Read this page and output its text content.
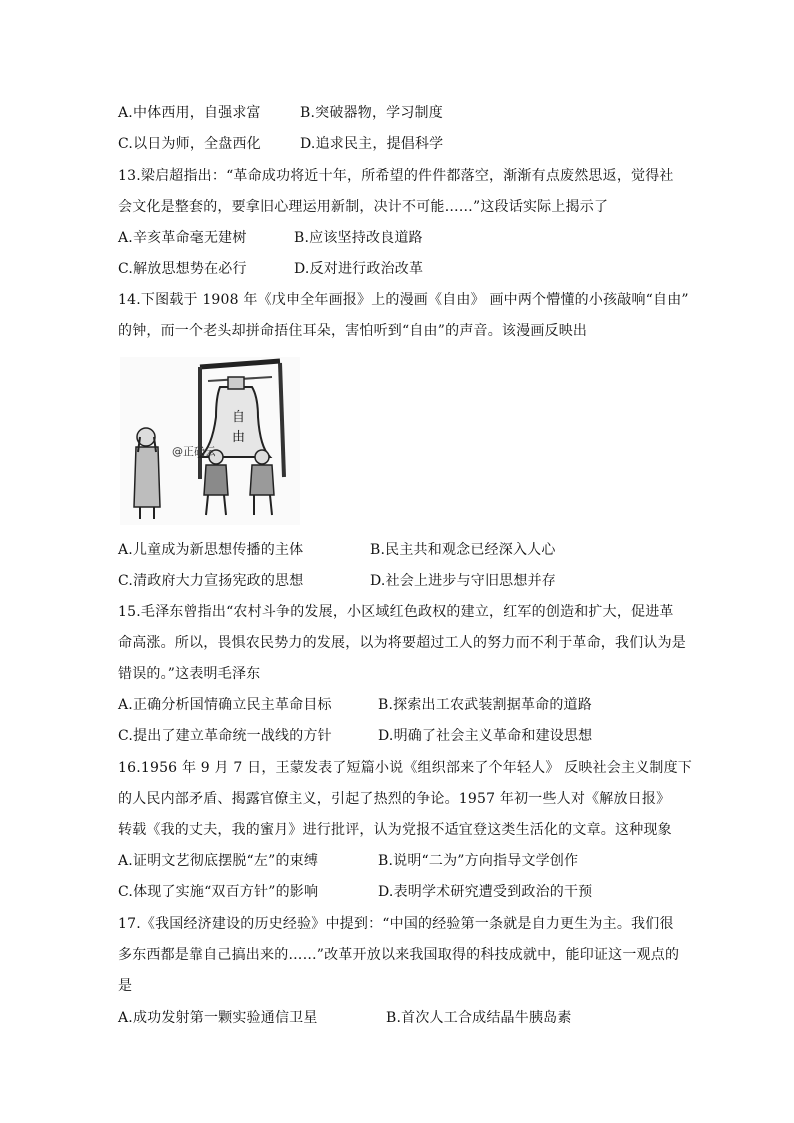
A.中体西用，自强求富	B.突破器物，学习制度
C.以日为师，全盘西化	D.追求民主，提倡科学
13.梁启超指出：“革命成功将近十年，所希望的件件都落空，渐渐有点废然思返，觉得社
会文化是整套的，要拿旧心理运用新制，决计不可能……”这段话实际上揭示了
A.辛亥革命毫无建树	B.应该坚持改良道路
C.解放思想势在必行	D.反对进行政治改革
14.下图载于 1908 年《戊申全年画报》上的漫画《自由》 画中两个懵懂的小孩敲响“自由”
的钟，而一个老头却拼命捂住耳朵，害怕听到“自由”的声音。该漫画反映出
自
由
@正确云
A.儿童成为新思想传播的主体	B.民主共和观念已经深入人心
C.清政府大力宣扬宪政的思想	D.社会上进步与守旧思想并存
15.毛泽东曾指出“农村斗争的发展，小区域红色政权的建立，红军的创造和扩大，促进革
命高涨。所以，畏惧农民势力的发展，以为将要超过工人的努力而不利于革命，我们认为是
错误的。”这表明毛泽东
A.正确分析国情确立民主革命目标	B.探索出工农武装割据革命的道路
C.提出了建立革命统一战线的方针	D.明确了社会主义革命和建设思想
16.1956 年 9 月 7 日，王蒙发表了短篇小说《组织部来了个年轻人》 反映社会主义制度下
的人民内部矛盾、揭露官僚主义，引起了热烈的争论。1957 年初一些人对《解放日报》
转载《我的丈夫，我的蜜月》进行批评，认为党报不适宜登这类生活化的文章。这种现象
A.证明文艺彻底摆脱“左”的束缚	B.说明“二为”方向指导文学创作
C.体现了实施“双百方针”的影响	D.表明学术研究遭受到政治的干预
17.《我国经济建设的历史经验》中提到：“中国的经验第一条就是自力更生为主。我们很
多东西都是靠自己搞出来的……”改革开放以来我国取得的科技成就中，能印证这一观点的
是
A.成功发射第一颗实验通信卫星	B.首次人工合成结晶牛胰岛素
